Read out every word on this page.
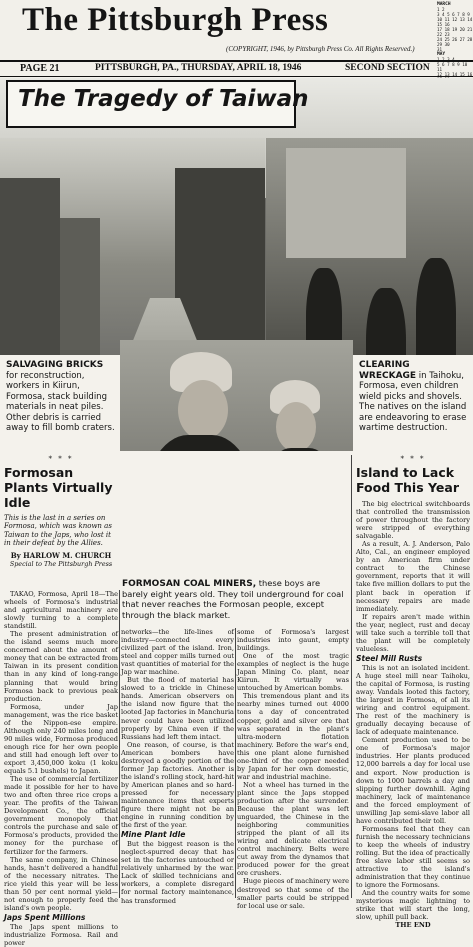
The Pittsburgh Press
(COPYRIGHT, 1946, by Pittsburgh Press Co. All Rights Reserved.)
MARCH
1 2
3 4 5 6 7 8 9
10 11 12 13 14 15 16
17 18 19 20 21 22 23
24 25 26 27 28 29 30
31
MAY
1 2 3 4
5 6 7 8 9 10 11
12 13 14 15 16
PAGE 21	PITTSBURGH, PA., THURSDAY, APRIL 18, 1946	SECOND SECTION
The Tragedy of Taiwan
SALVAGING BRICKS for reconstruction, workers in Kiirun, Formosa, stack building materials in neat piles. Other debris is carried away to fill bomb craters.
CLEARING WRECKAGE in Taihoku, Formosa, even children wield picks and shovels. The natives on the island are endeavoring to erase wartime destruction.
* * *
Formosan Plants Virtually Idle
This is the last in a series on Formosa, which was known as Taiwan to the Japs, who lost it in their defeat by the Allies.
By HARLOW M. CHURCH
Special to The Pittsburgh Press

TAKAO, Formosa, April 18—The wheels of Formosa's industrial and agricultural machinery are slowly turning to a complete standstill.

The present administration of the island seems much more concerned about the amount of money that can be extracted from Taiwan in its present condition than in any kind of long-range planning that would bring Formosa back to previous peak production.

Formosa, under Jap management, was the rice basket of the Nippon-ese empire. Although only 240 miles long and 90 miles wide, Formosa produced enough rice for her own people and still had enough left over to export 3,450,000 koku (1 koku equals 5.1 bushels) to Japan.

The use of commercial fertilizer made it possible for her to have two and often three rice crops a year. The profits of the Taiwan Development Co., the official government monopoly that controls the purchase and sale of Formosa's products, provided the money for the purchase of fertilizer for the farmers.

The same company, in Chinese hands, hasn't delivered a handful of the necessary nitrates. The rice yield this year will be less than 50 per cent normal yield—not enough to properly feed the island's own people.

Japs Spent Millions

The Japs spent millions to industrialize Formosa. Rail and power

FORMOSAN COAL MINERS, these boys are barely eight years old. They toil underground for coal that never reaches the Formosan people, except through the black market.

networks—the life-lines of industry—connected every civilized part of the island. Iron, steel and copper mills turned out vast quantities of material for the Jap war machine.

But the flood of material has slowed to a trickle in Chinese hands. American observers on the island now figure that the looted Jap factories in Manchuria never could have been utilized properly by China even if the Russians had left them intact.

One reason, of course, is that American bombers have destroyed a goodly portion of the former Jap factories. Another is the island's rolling stock, hard-hit by American planes and so hard-pressed for necessary maintenance items that experts figure there might not be an engine in running condition by the first of the year.

Mine Plant Idle

But the biggest reason is the neglect-spurred decay that has set in the factories untouched or relatively unharmed by the war. Lack of skilled technicians and workers, a complete disregard for normal factory maintenance, has transformed

some of Formosa's largest industries into gaunt, empty buildings.

One of the most tragic examples of neglect is the huge Japan Mining Co. plant, near Kiirun. It virtually was untouched by American bombs.

This tremendous plant and its nearby mines turned out 4000 tons a day of concentrated copper, gold and silver ore that was separated in the plant's ultra-modern flotation machinery. Before the war's end, this one plant alone furnished one-third of the copper needed by Japan for her own domestic, war and industrial machine.

Not a wheel has turned in the plant since the Japs stopped production after the surrender. Because the plant was left unguarded, the Chinese in the neighboring communities stripped the plant of all its wiring and delicate electrical control machinery. Belts were cut away from the dynamos that produced power for the great ore crushers.

Huge pieces of machinery were destroyed so that some of the smaller parts could be stripped for local use or sale.

* * *
Island to Lack Food This Year

The big electrical switchboards that controlled the transmission of power throughout the factory were stripped of everything salvagable.

As a result, A. J. Anderson, Palo Alto, Cal., an engineer employed by an American firm under contract to the Chinese government, reports that it will take five million dollars to put the plant back in operation if necessary repairs are made immediately.

If repairs aren't made within the year, neglect, rust and decay will take such a terrible toll that the plant will be completely valueless.

Steel Mill Rusts

This is not an isolated incident. A huge steel mill near Taihoku, the capital of Formosa, is rusting away. Vandals looted this factory, the largest in Formosa, of all its wiring and control equipment. The rest of the machinery is gradually decaying because of lack of adequate maintenance.

Cement production used to be one of Formosa's major industries. Her plants produced 12,000 barrels a day for local use and export. Now production is down to 1000 barrels a day and slipping further downhill. Aging machinery, lack of maintenance and the forced employment of unwilling Jap semi-slave labor all have contributed their toll.

Formosans feel that they can furnish the necessary technicians to keep the wheels of industry rolling. But the idea of practically free slave labor still seems so attractive to the island's administration that they continue to ignore the Formosans.

And the country waits for some mysterious magic lightning to strike that will start the long, slow, uphill pull back.

THE END
